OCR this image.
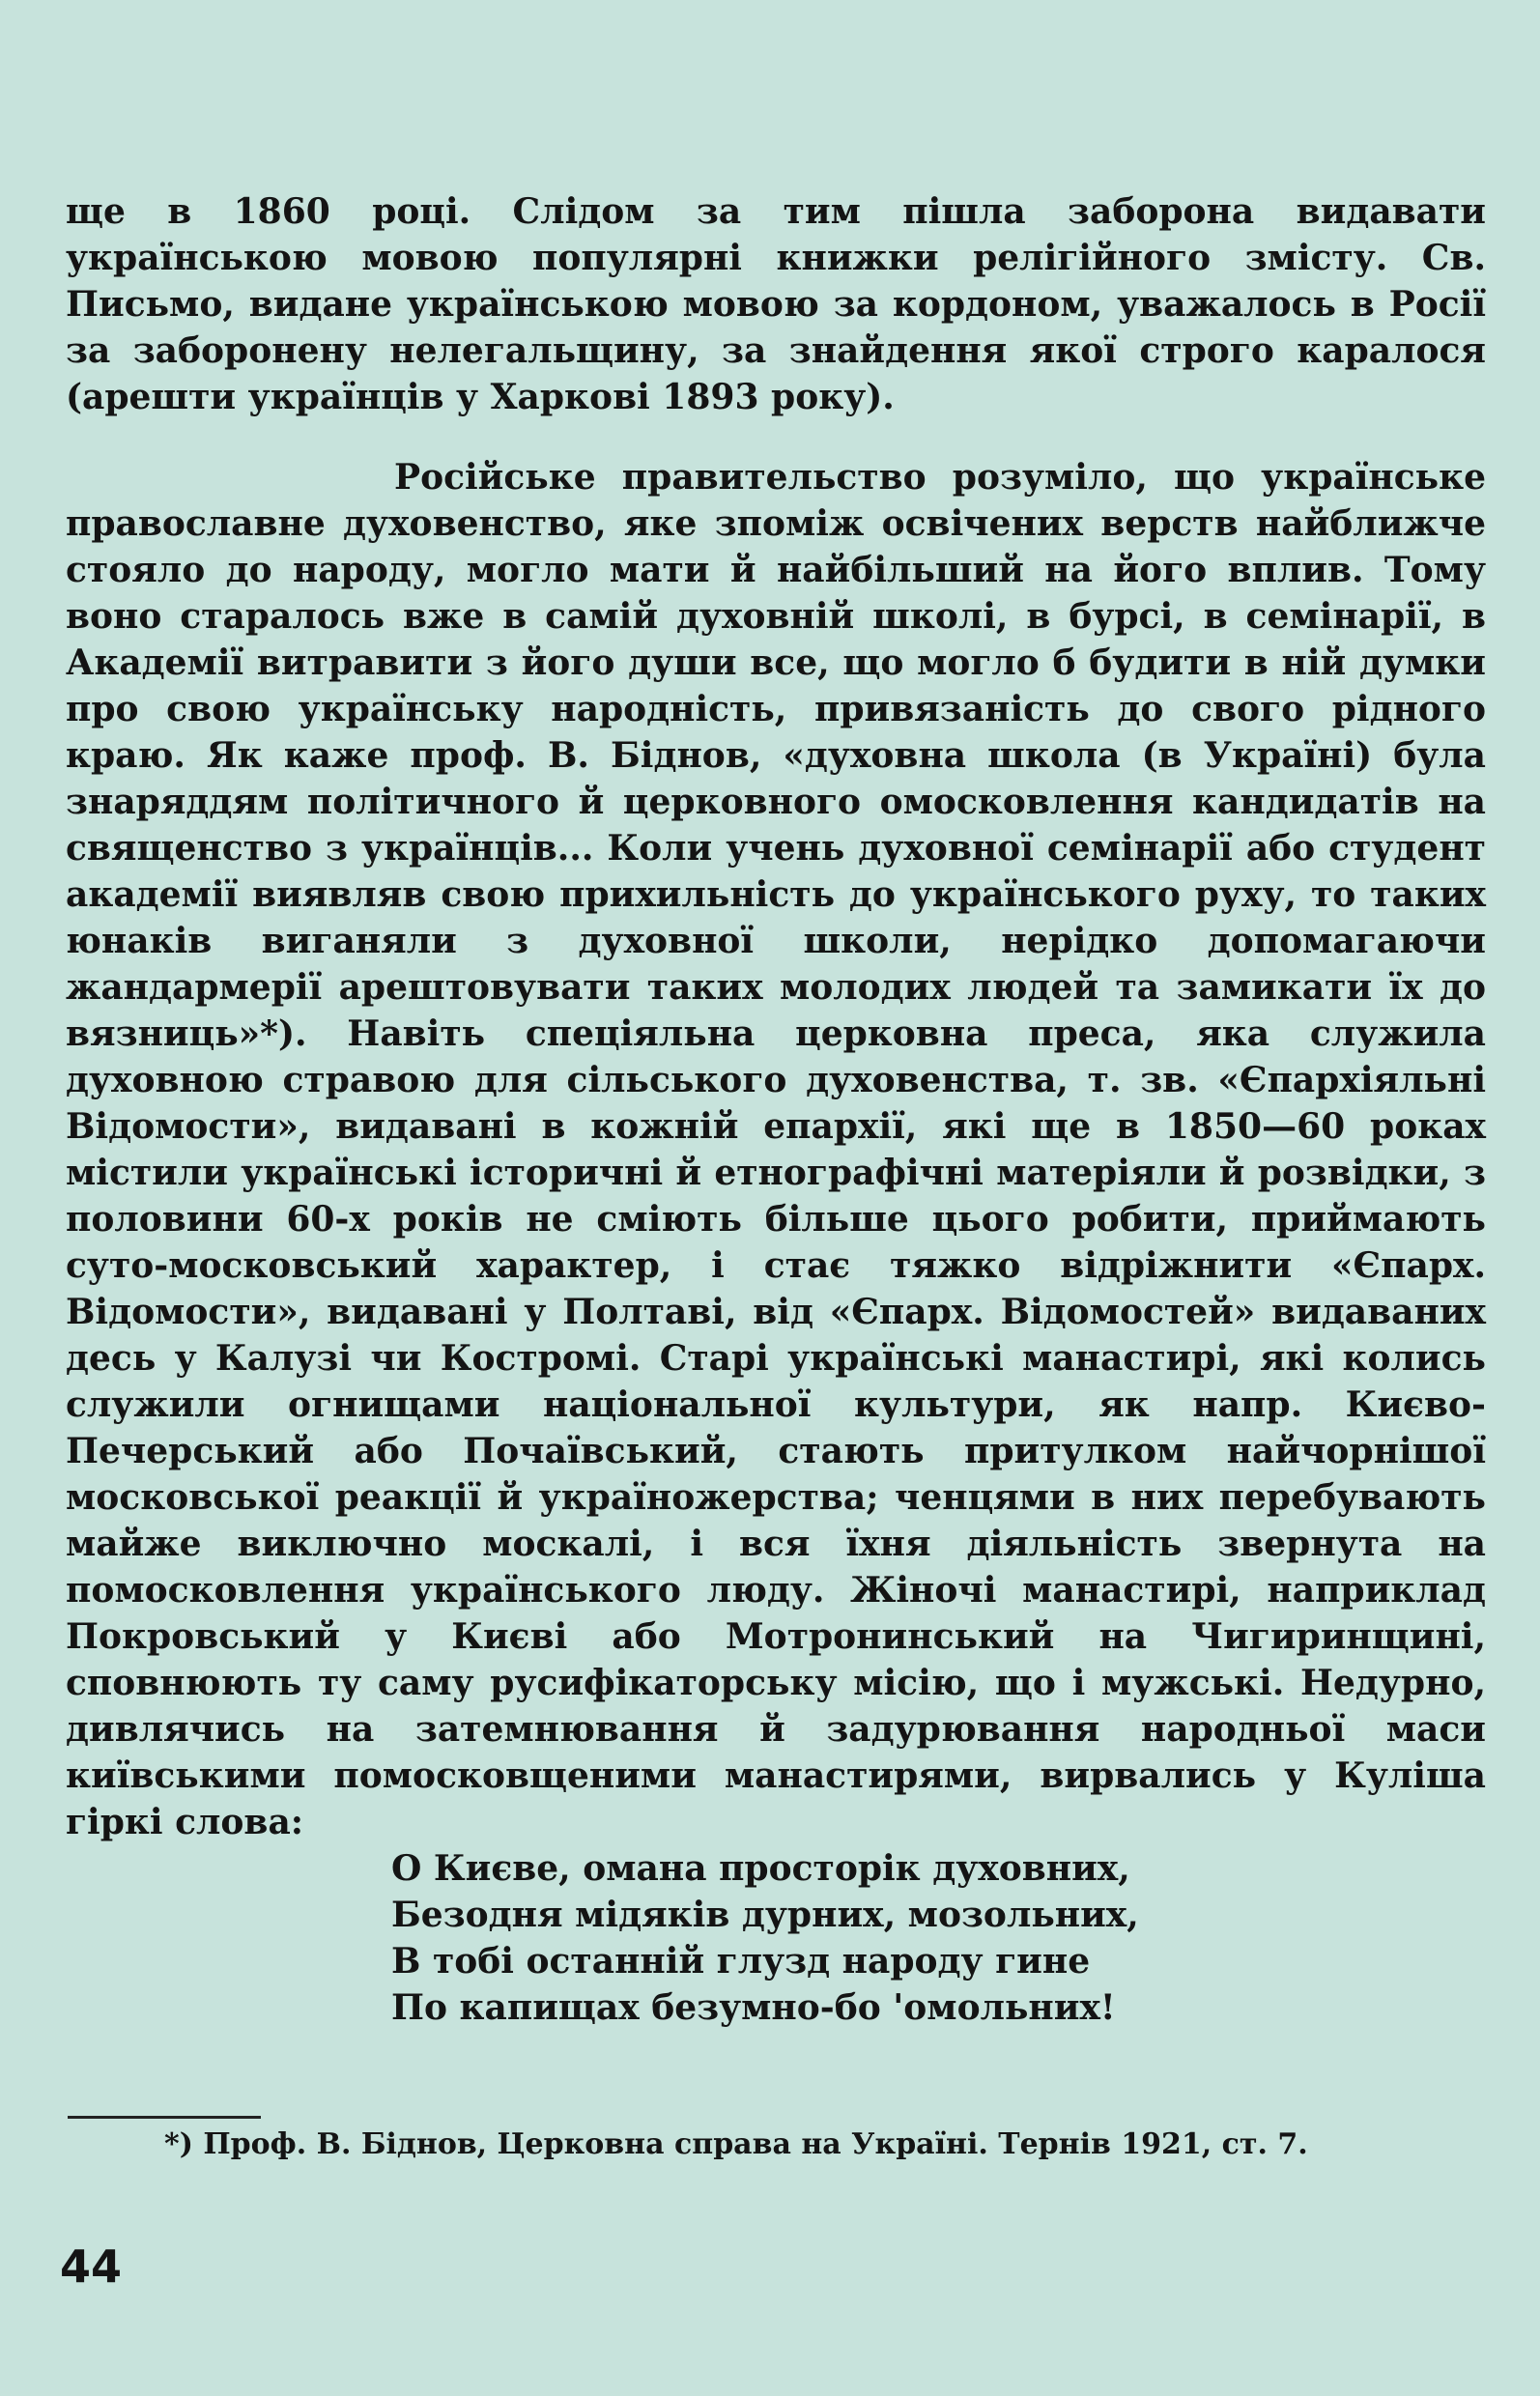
ще в 1860 році. Слідом за тим пішла заборона видавати українською мовою популярні книжки релігійного змісту. Св. Письмо, видане українською мовою за кордоном, уважалось в Росії за заборонену нелегальщину, за знайдення якої строго каралося (арешти українців у Харкові 1893 року).

Російське правительство розуміло, що українське православне духовенство, яке зпоміж освічених верств найближче стояло до народу, могло мати й найбільший на його вплив. Тому воно старалось вже в самій духовній школі, в бурсі, в семінарії, в Академії витравити з його души все, що могло б будити в ній думки про свою українську народність, привязаність до свого рідного краю. Як каже проф. В. Біднов, «духовна школа (в Україні) була знаряддям політичного й церковного омосковлення кандидатів на священство з українців... Коли учень духовної семінарії або студент академії виявляв свою прихильність до українського руху, то таких юнаків виганяли з духовної школи, нерідко допомагаючи жандармерії арештовувати таких молодих людей та замикати їх до вязниць»*). Навіть спеціяльна церковна преса, яка служила духовною стравою для сільського духовенства, т. зв. «Єпархіяльні Відомости», видавані в кожній епархії, які ще в 1850—60 роках містили українські історичні й етнографічні матеріяли й розвідки, з половини 60-х років не сміють більше цього робити, приймають суто-московський характер, і стає тяжко відріжнити «Єпарх. Відомости», видавані у Полтаві, від «Єпарх. Відомостей» видаваних десь у Калузі чи Костромі. Старі українські манастирі, які колись служили огнищами національної культури, як напр. Києво-Печерський або Почаївський, стають притулком найчорнішої московської реакції й україножерства; ченцями в них перебувають майже виключно москалі, і вся їхня діяльність звернута на помосковлення українського люду. Жіночі манастирі, наприклад Покровський у Києві або Мотронинський на Чигиринщині, сповнюють ту саму русифікаторську місію, що і мужські. Недурно, дивлячись на затемнювання й задурювання народньої маси київськими помосковщеними манастирями, вирвались у Куліша гіркі слова:

О Києве, омана просторік духовних,
Безодня мідяків дурних, мозольних,
В тобі останній глузд народу гине
По капищах безумно-бо 'омольних!
*) Проф. В. Біднов, Церковна справа на Україні. Тернів 1921, ст. 7.
44
